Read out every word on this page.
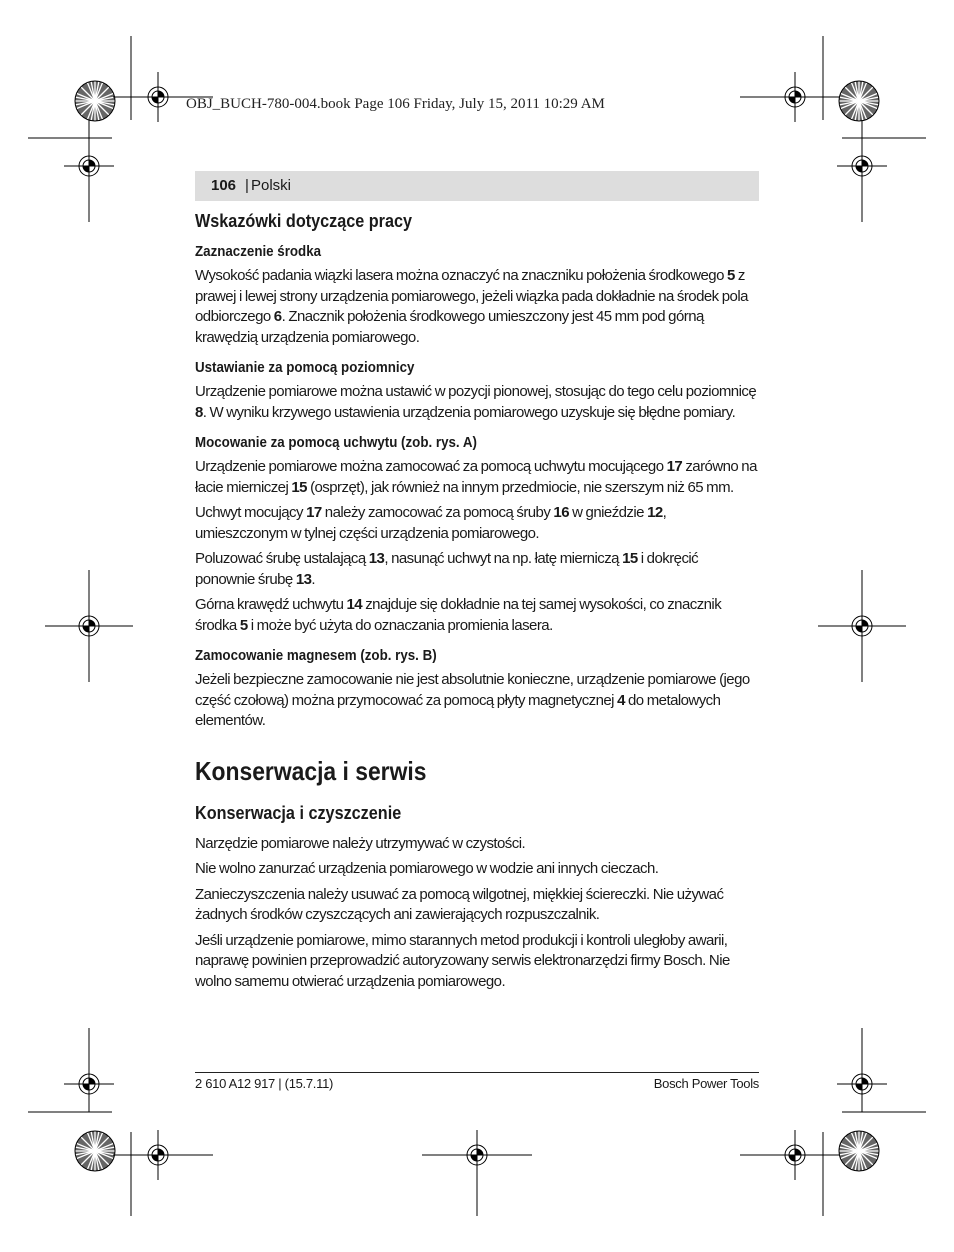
OBJ_BUCH-780-004.book Page 106 Friday, July 15, 2011 10:29 AM
106 | Polski
Wskazówki dotyczące pracy
Zaznaczenie środka

Wysokość padania wiązki lasera można oznaczyć na znaczniku położenia środkowego 5 z prawej i lewej strony urządzenia pomiarowego, jeżeli wiązka pada dokładnie na środek pola odbiorczego 6. Znacznik położenia środkowego umieszczony jest 45 mm pod górną krawędzią urządzenia pomiarowego.

Ustawianie za pomocą poziomnicy

Urządzenie pomiarowe można ustawić w pozycji pionowej, stosując do tego celu poziomnicę 8. W wyniku krzywego ustawienia urządzenia pomiarowego uzyskuje się błędne pomiary.

Mocowanie za pomocą uchwytu (zob. rys. A)

Urządzenie pomiarowe można zamocować za pomocą uchwytu mocującego 17 zarówno na łacie mierniczej 15 (osprzęt), jak również na innym przedmiocie, nie szerszym niż 65 mm.

Uchwyt mocujący 17 należy zamocować za pomocą śruby 16 w gnieździe 12, umieszczonym w tylnej części urządzenia pomiarowego.

Poluzować śrubę ustalającą 13, nasunąć uchwyt na np. łatę mierniczą 15 i dokręcić ponownie śrubę 13.

Górna krawędź uchwytu 14 znajduje się dokładnie na tej samej wysokości, co znacznik środka 5 i może być użyta do oznaczania promienia lasera.

Zamocowanie magnesem (zob. rys. B)

Jeżeli bezpieczne zamocowanie nie jest absolutnie konieczne, urządzenie pomiarowe (jego część czołową) można przymocować za pomocą płyty magnetycznej 4 do metalowych elementów.

Konserwacja i serwis
Konserwacja i czyszczenie

Narzędzie pomiarowe należy utrzymywać w czystości.

Nie wolno zanurzać urządzenia pomiarowego w wodzie ani innych cieczach.

Zanieczyszczenia należy usuwać za pomocą wilgotnej, miękkiej ściereczki. Nie używać żadnych środków czyszczących ani zawierających rozpuszczalnik.

Jeśli urządzenie pomiarowe, mimo starannych metod produkcji i kontroli uległoby awarii, naprawę powinien przeprowadzić autoryzowany serwis elektronarzędzi firmy Bosch. Nie wolno samemu otwierać urządzenia pomiarowego.

2 610 A12 917 | (15.7.11)	Bosch Power Tools
